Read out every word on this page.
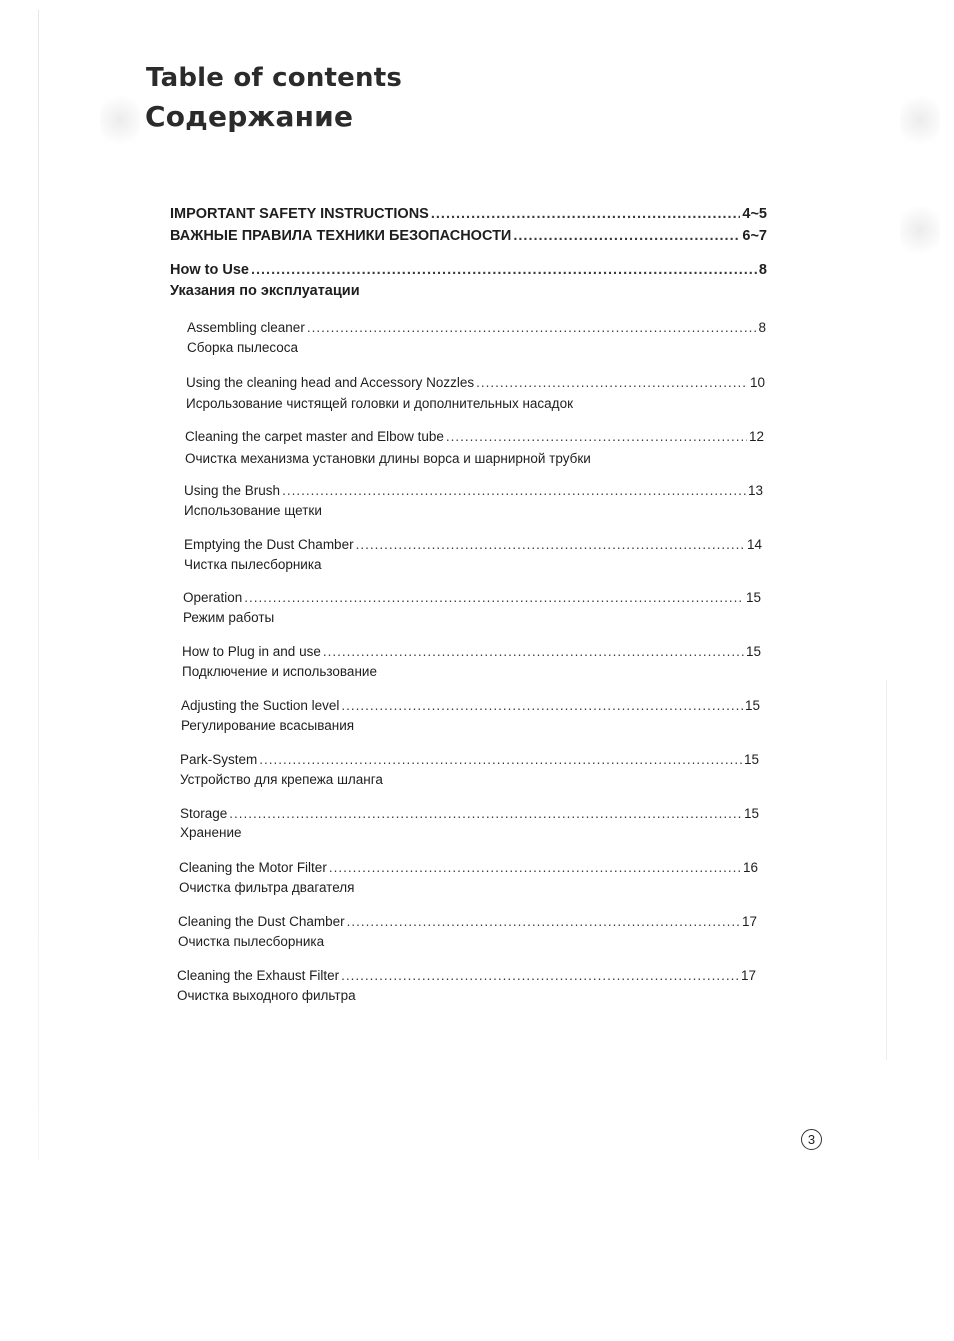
Table of contents
Содержание
IMPORTANT SAFETY INSTRUCTIONS .....	4~5
ВАЖНЫЕ ПРАВИЛА ТЕХНИКИ БЕЗОПАСНОСТИ .....	6~7
How to Use .....	8
Указания по эксплуатации
Assembling cleaner .....	8
Сборка пылесоса
Using the cleaning head and Accessory Nozzles .....	10
Исрользование чистящей головки и дополнительных насадок
Cleaning the carpet master and Elbow tube .....	12
Очистка механизма установки длины ворса и шарнирной трубки
Using the Brush .....	13
Использование щетки
Emptying the Dust Chamber .....	14
Чистка пылесборника
Operation .....	15
Режим работы
How to Plug in and use .....	15
Подключение и использование
Adjusting the Suction level .....	15
Регулирование всасывания
Park-System .....	15
Устройство для крепежа шланга
Storage .....	15
Хранение
Cleaning the Motor Filter .....	16
Очистка фильтра двагателя
Cleaning the Dust Chamber .....	17
Очистка пылесборника
Cleaning the Exhaust Filter .....	17
Очистка выходного фильтра
3
